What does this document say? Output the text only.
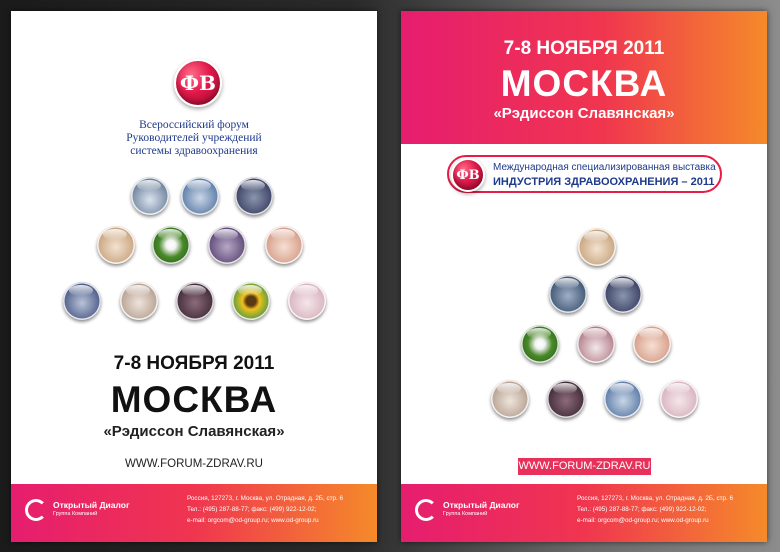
ФВ
Всероссийский форум
Руководителей учреждений
системы здравоохранения
7-8 НОЯБРЯ 2011
МОСКВА
«Рэдиссон Славянская»
WWW.FORUM-ZDRAV.RU
Открытый Диалог
Группа Компаний
Россия, 127273, г. Москва, ул. Отрадная, д. 2Б, стр. 6
Тел.: (495) 287-88-77; факс: (499) 922-12-02;
e-mail: orgcom@od-group.ru; www.od-group.ru
7-8 НОЯБРЯ 2011
МОСКВА
«Рэдиссон Славянская»
ФВ Международная специализированная выставка
ИНДУСТРИЯ ЗДРАВООХРАНЕНИЯ – 2011
WWW.FORUM-ZDRAV.RU
Открытый Диалог
Группа Компаний
Россия, 127273, г. Москва, ул. Отрадная, д. 2Б, стр. 6
Тел.: (495) 287-88-77; факс: (499) 922-12-02;
e-mail: orgcom@od-group.ru; www.od-group.ru
